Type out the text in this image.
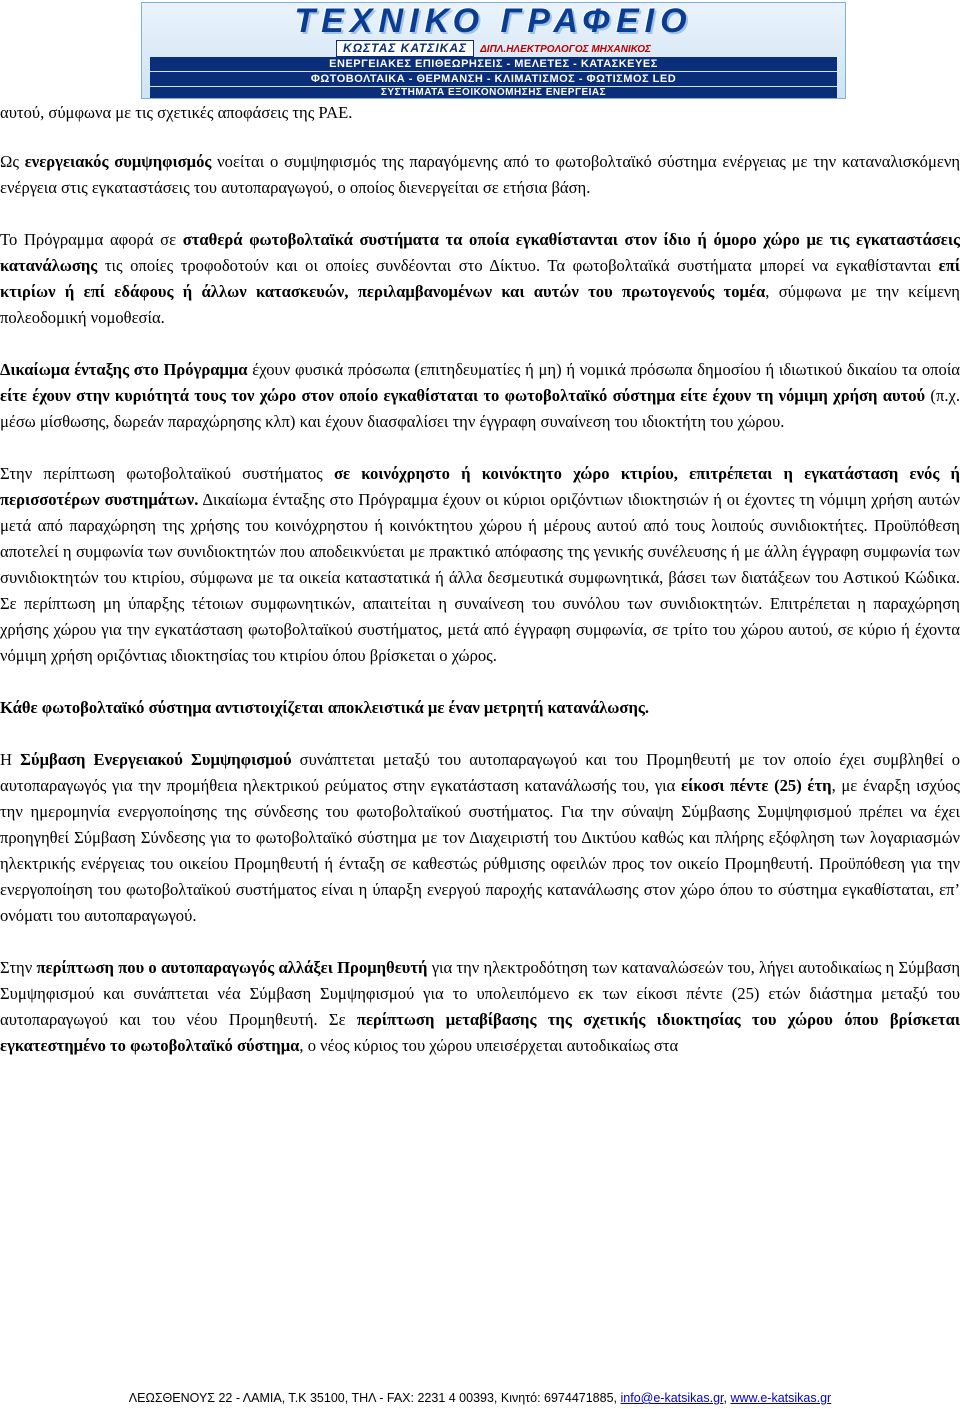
ΤΕΧΝΙΚΟ ΓΡΑΦΕΙΟ
ΚΩΣΤΑΣ ΚΑΤΣΙΚΑΣ ΔΙΠΛ.ΗΛΕΚΤΡΟΛΟΓΟΣ ΜΗΧΑΝΙΚΟΣ
ΕΝΕΡΓΕΙΑΚΕΣ ΕΠΙΘΕΩΡΗΣΕΙΣ - ΜΕΛΕΤΕΣ - ΚΑΤΑΣΚΕΥΕΣ
ΦΩΤΟΒΟΛΤΑΙΚΑ - ΘΕΡΜΑΝΣΗ - ΚΛΙΜΑΤΙΣΜΟΣ - ΦΩΤΙΣΜΟΣ LED
ΣΥΣΤΗΜΑΤΑ ΕΞΟΙΚΟΝΟΜΗΣΗΣ ΕΝΕΡΓΕΙΑΣ

αυτού, σύμφωνα με τις σχετικές αποφάσεις της ΡΑΕ.

Ως ενεργειακός συμψηφισμός νοείται ο συμψηφισμός της παραγόμενης από το φωτοβολταϊκό σύστημα ενέργειας με την καταναλισκόμενη ενέργεια στις εγκαταστάσεις του αυτοπαραγωγού, ο οποίος διενεργείται σε ετήσια βάση.

Το Πρόγραμμα αφορά σε σταθερά φωτοβολταϊκά συστήματα τα οποία εγκαθίστανται στον ίδιο ή όμορο χώρο με τις εγκαταστάσεις κατανάλωσης τις οποίες τροφοδοτούν και οι οποίες συνδέονται στο Δίκτυο. Τα φωτοβολταϊκά συστήματα μπορεί να εγκαθίστανται επί κτιρίων ή επί εδάφους ή άλλων κατασκευών, περιλαμβανομένων και αυτών του πρωτογενούς τομέα, σύμφωνα με την κείμενη πολεοδομική νομοθεσία.

Δικαίωμα ένταξης στο Πρόγραμμα έχουν φυσικά πρόσωπα (επιτηδευματίες ή μη) ή νομικά πρόσωπα δημοσίου ή ιδιωτικού δικαίου τα οποία είτε έχουν στην κυριότητά τους τον χώρο στον οποίο εγκαθίσταται το φωτοβολταϊκό σύστημα είτε έχουν τη νόμιμη χρήση αυτού (π.χ. μέσω μίσθωσης, δωρεάν παραχώρησης κλπ) και έχουν διασφαλίσει την έγγραφη συναίνεση του ιδιοκτήτη του χώρου.

Στην περίπτωση φωτοβολταϊκού συστήματος σε κοινόχρηστο ή κοινόκτητο χώρο κτιρίου, επιτρέπεται η εγκατάσταση ενός ή περισσοτέρων συστημάτων. Δικαίωμα ένταξης στο Πρόγραμμα έχουν οι κύριοι οριζόντιων ιδιοκτησιών ή οι έχοντες τη νόμιμη χρήση αυτών μετά από παραχώρηση της χρήσης του κοινόχρηστου ή κοινόκτητου χώρου ή μέρους αυτού από τους λοιπούς συνιδιοκτήτες. Προϋπόθεση αποτελεί η συμφωνία των συνιδιοκτητών που αποδεικνύεται με πρακτικό απόφασης της γενικής συνέλευσης ή με άλλη έγγραφη συμφωνία των συνιδιοκτητών του κτιρίου, σύμφωνα με τα οικεία καταστατικά ή άλλα δεσμευτικά συμφωνητικά, βάσει των διατάξεων του Αστικού Κώδικα. Σε περίπτωση μη ύπαρξης τέτοιων συμφωνητικών, απαιτείται η συναίνεση του συνόλου των συνιδιοκτητών. Επιτρέπεται η παραχώρηση χρήσης χώρου για την εγκατάσταση φωτοβολταϊκού συστήματος, μετά από έγγραφη συμφωνία, σε τρίτο του χώρου αυτού, σε κύριο ή έχοντα νόμιμη χρήση οριζόντιας ιδιοκτησίας του κτιρίου όπου βρίσκεται ο χώρος.

Κάθε φωτοβολταϊκό σύστημα αντιστοιχίζεται αποκλειστικά με έναν μετρητή κατανάλωσης.

Η Σύμβαση Ενεργειακού Συμψηφισμού συνάπτεται μεταξύ του αυτοπαραγωγού και του Προμηθευτή με τον οποίο έχει συμβληθεί ο αυτοπαραγωγός για την προμήθεια ηλεκτρικού ρεύματος στην εγκατάσταση κατανάλωσής του, για είκοσι πέντε (25) έτη, με έναρξη ισχύος την ημερομηνία ενεργοποίησης της σύνδεσης του φωτοβολταϊκού συστήματος. Για την σύναψη Σύμβασης Συμψηφισμού πρέπει να έχει προηγηθεί Σύμβαση Σύνδεσης για το φωτοβολταϊκό σύστημα με τον Διαχειριστή του Δικτύου καθώς και πλήρης εξόφληση των λογαριασμών ηλεκτρικής ενέργειας του οικείου Προμηθευτή ή ένταξη σε καθεστώς ρύθμισης οφειλών προς τον οικείο Προμηθευτή. Προϋπόθεση για την ενεργοποίηση του φωτοβολταϊκού συστήματος είναι η ύπαρξη ενεργού παροχής κατανάλωσης στον χώρο όπου το σύστημα εγκαθίσταται, επ’ ονόματι του αυτοπαραγωγού.

Στην περίπτωση που ο αυτοπαραγωγός αλλάξει Προμηθευτή για την ηλεκτροδότηση των καταναλώσεών του, λήγει αυτοδικαίως η Σύμβαση Συμψηφισμού και συνάπτεται νέα Σύμβαση Συμψηφισμού για το υπολειπόμενο εκ των είκοσι πέντε (25) ετών διάστημα μεταξύ του αυτοπαραγωγού και του νέου Προμηθευτή. Σε περίπτωση μεταβίβασης της σχετικής ιδιοκτησίας του χώρου όπου βρίσκεται εγκατεστημένο το φωτοβολταϊκό σύστημα, ο νέος κύριος του χώρου υπεισέρχεται αυτοδικαίως στα

ΛΕΩΣΘΕΝΟΥΣ 22 - ΛΑΜΙΑ, Τ.Κ 35100, ΤΗΛ - FAX: 2231 4 00393, Κινητό: 6974471885, info@e-katsikas.gr, www.e-katsikas.gr
